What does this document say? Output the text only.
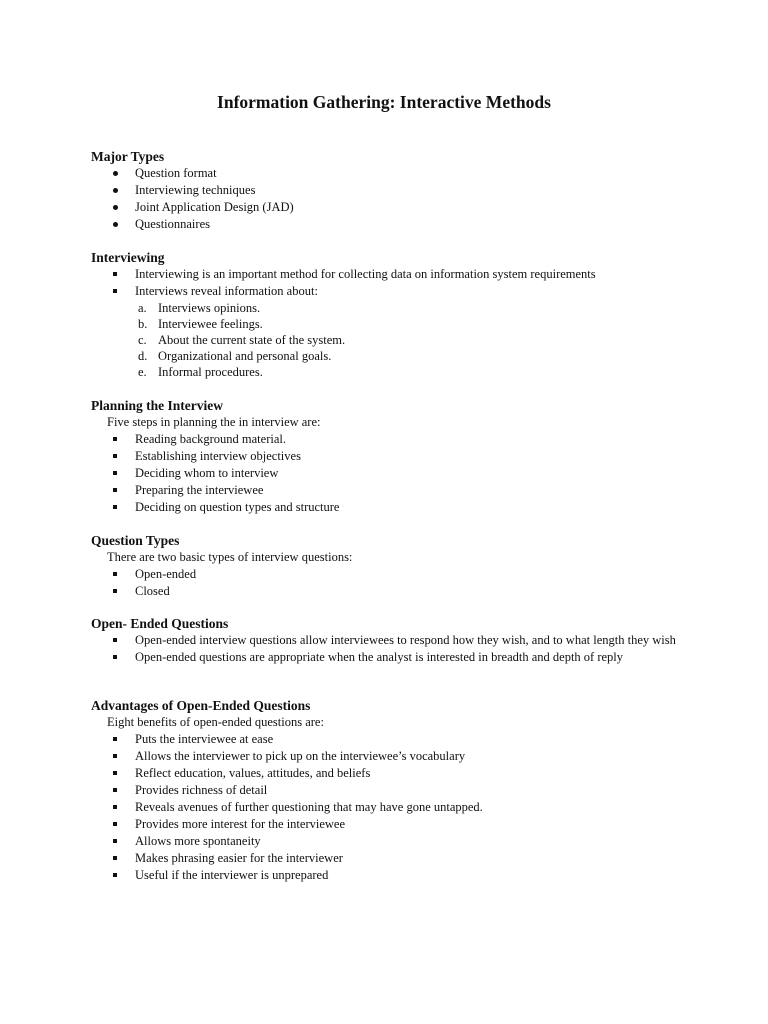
Information Gathering: Interactive Methods
Major Types
Question format
Interviewing techniques
Joint Application Design (JAD)
Questionnaires
Interviewing
Interviewing is an important method for collecting data on information system requirements
Interviews reveal information about:
a. Interviews opinions.
b. Interviewee feelings.
c. About the current state of the system.
d. Organizational and personal goals.
e. Informal procedures.
Planning the Interview

Five steps in planning the in interview are:

Reading background material.
Establishing interview objectives
Deciding whom to interview
Preparing the interviewee
Deciding on question types and structure
Question Types

There are two basic types of interview questions:

Open-ended
Closed
Open- Ended Questions
Open-ended interview questions allow interviewees to respond how they wish, and to what length they wish
Open-ended questions are appropriate when the analyst is interested in breadth and depth of reply
Advantages of Open-Ended Questions

Eight benefits of open-ended questions are:

Puts the interviewee at ease
Allows the interviewer to pick up on the interviewee’s vocabulary
Reflect education, values, attitudes, and beliefs
Provides richness of detail
Reveals avenues of further questioning that may have gone untapped.
Provides more interest for the interviewee
Allows more spontaneity
Makes phrasing easier for the interviewer
Useful if the interviewer is unprepared
